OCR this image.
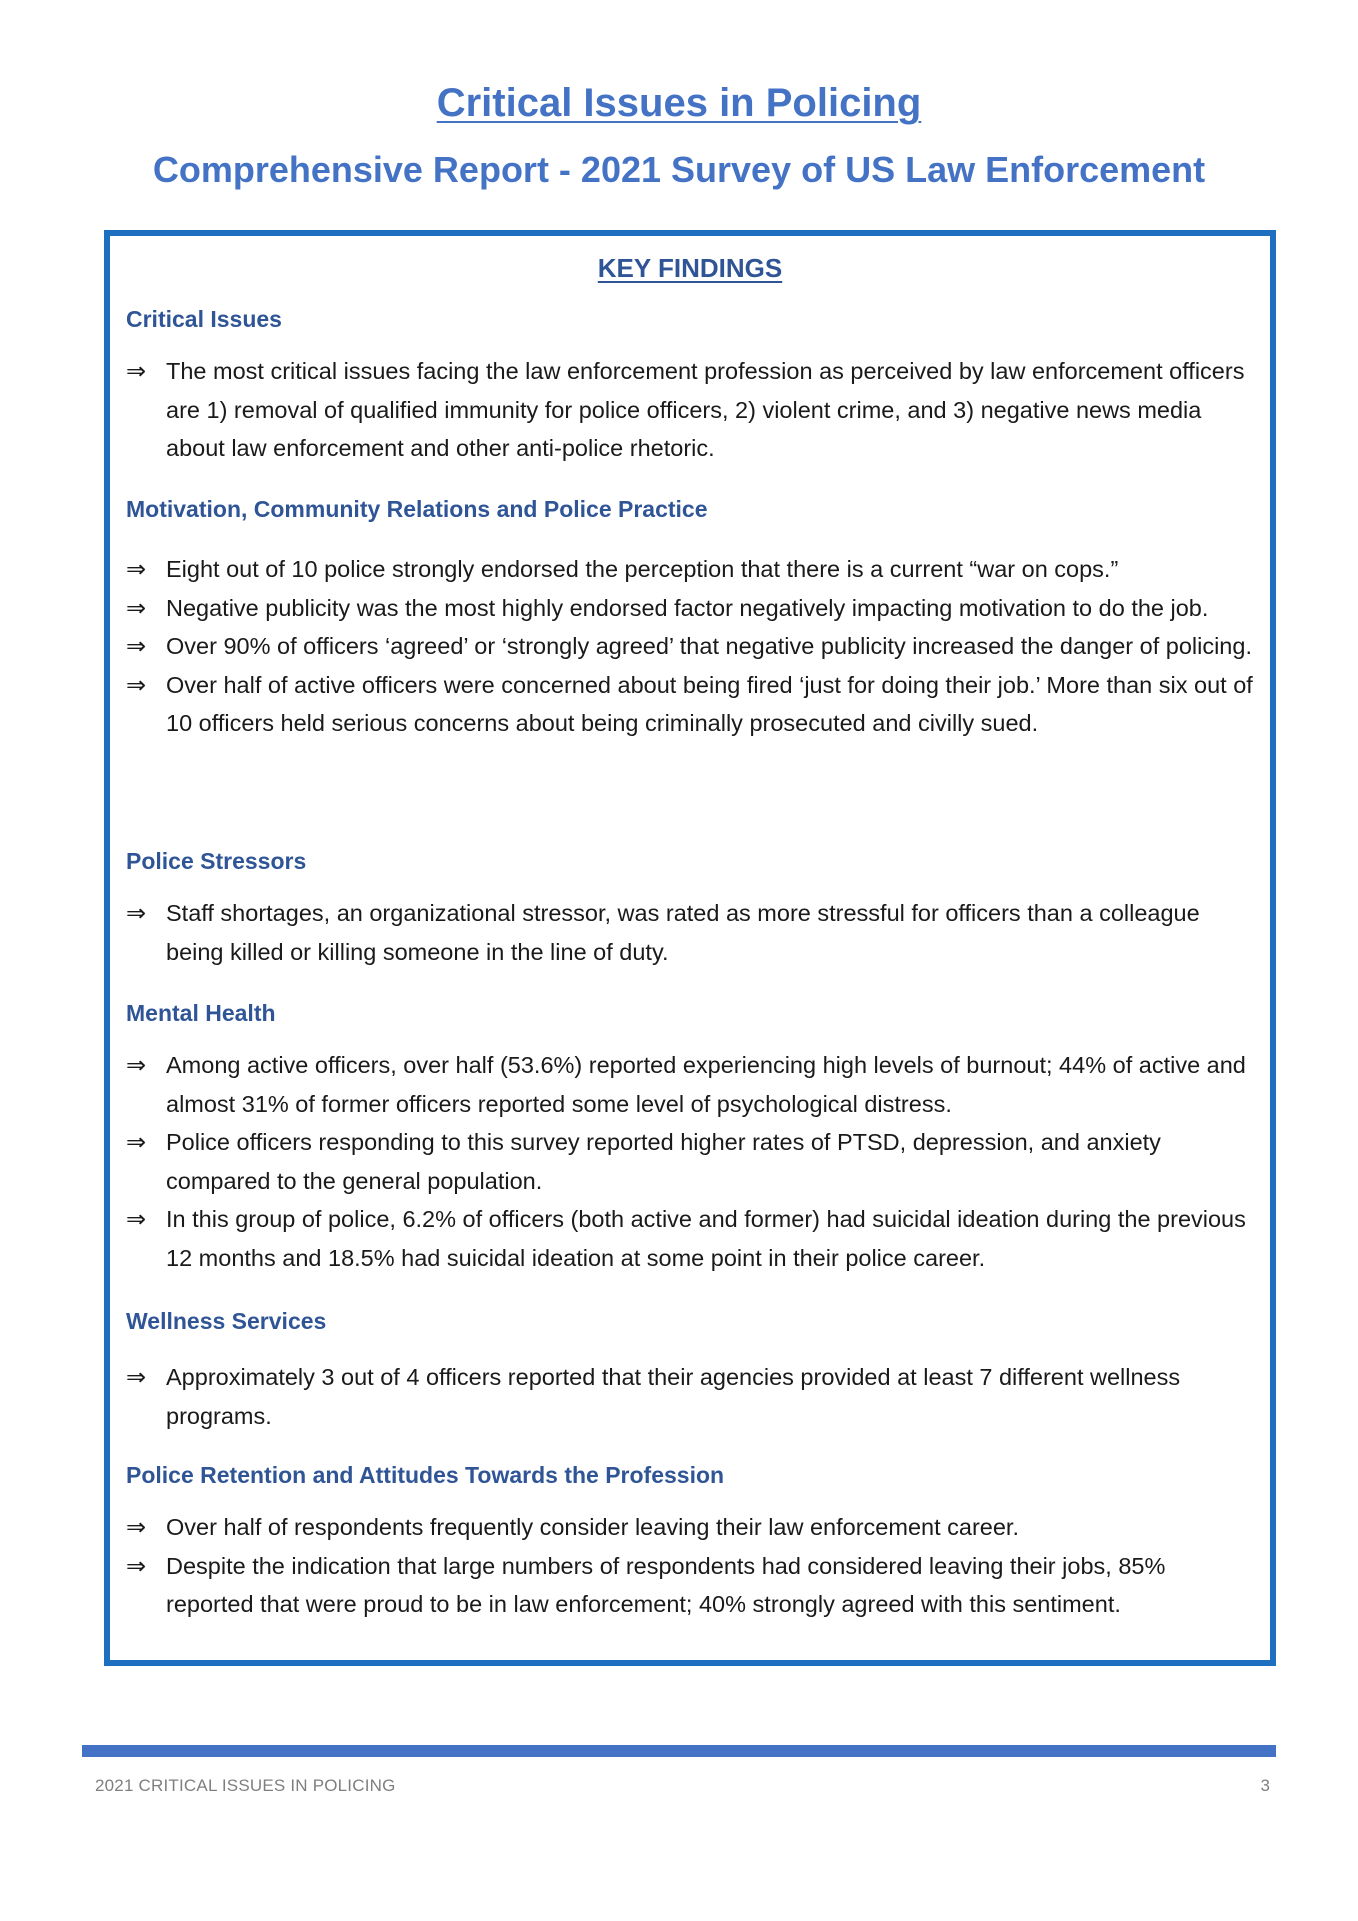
Critical Issues in Policing
Comprehensive Report - 2021 Survey of US Law Enforcement
KEY FINDINGS
Critical Issues
⇒ The most critical issues facing the law enforcement profession as perceived by law enforcement officers are 1) removal of qualified immunity for police officers, 2) violent crime, and 3) negative news media about law enforcement and other anti-police rhetoric.
Motivation, Community Relations and Police Practice
⇒ Eight out of 10 police strongly endorsed the perception that there is a current “war on cops.”
⇒ Negative publicity was the most highly endorsed factor negatively impacting motivation to do the job.
⇒ Over 90% of officers ‘agreed’ or ‘strongly agreed’ that negative publicity increased the danger of policing.
⇒ Over half of active officers were concerned about being fired ‘just for doing their job.’ More than six out of 10 officers held serious concerns about being criminally prosecuted and civilly sued.
Police Stressors
⇒ Staff shortages, an organizational stressor, was rated as more stressful for officers than a colleague being killed or killing someone in the line of duty.
Mental Health
⇒ Among active officers, over half (53.6%) reported experiencing high levels of burnout; 44% of active and almost 31% of former officers reported some level of psychological distress.
⇒ Police officers responding to this survey reported higher rates of PTSD, depression, and anxiety compared to the general population.
⇒ In this group of police, 6.2% of officers (both active and former) had suicidal ideation during the previous 12 months and 18.5% had suicidal ideation at some point in their police career.
Wellness Services
⇒ Approximately 3 out of 4 officers reported that their agencies provided at least 7 different wellness programs.
Police Retention and Attitudes Towards the Profession
⇒ Over half of respondents frequently consider leaving their law enforcement career.
⇒ Despite the indication that large numbers of respondents had considered leaving their jobs, 85% reported that were proud to be in law enforcement; 40% strongly agreed with this sentiment.
2021 CRITICAL ISSUES IN POLICING	3
